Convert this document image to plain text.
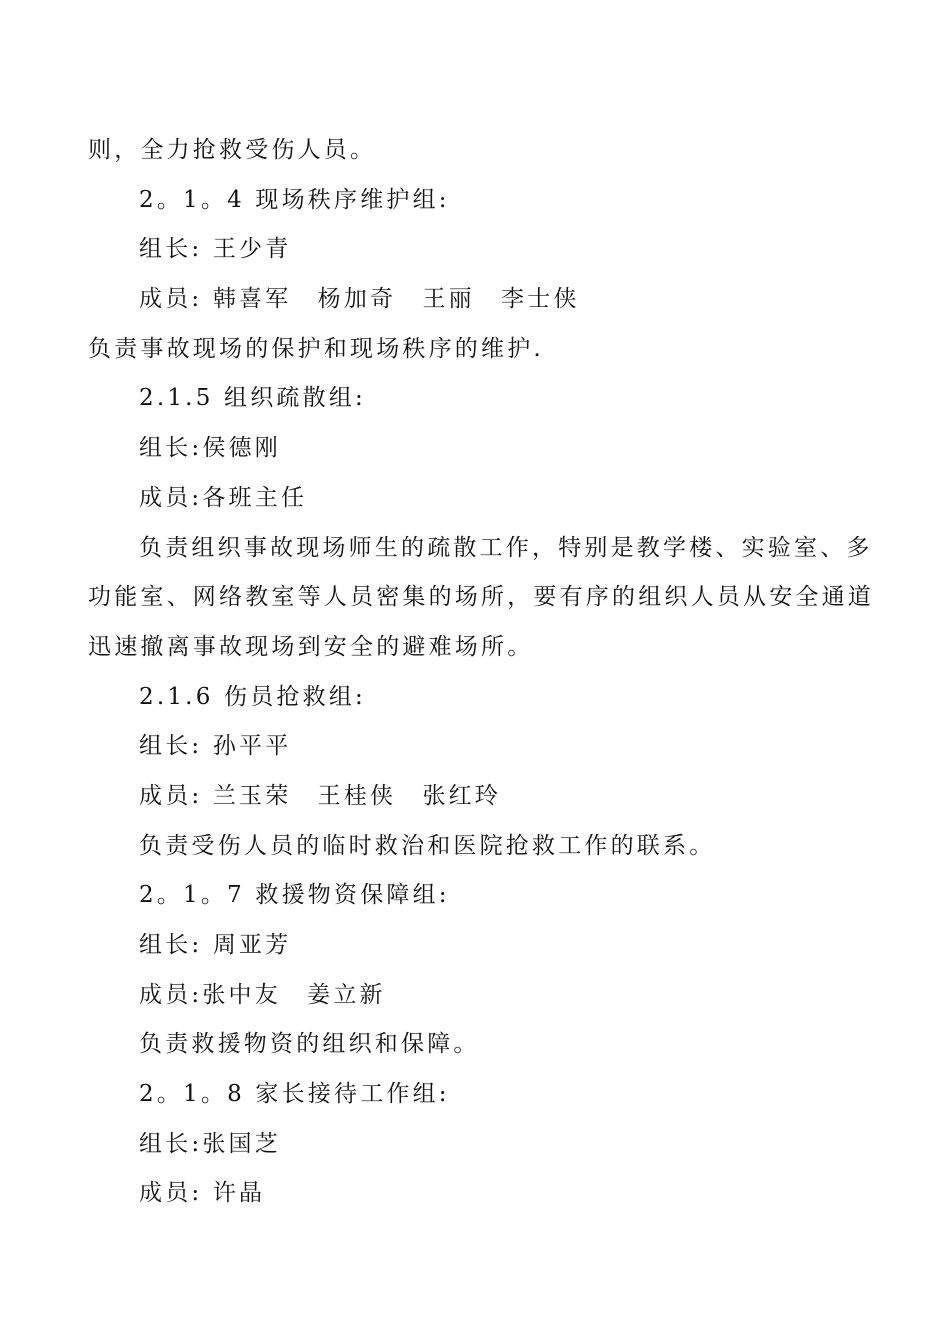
则，全力抢救受伤人员。

2。1。4 现场秩序维护组:

组长: 王少青

成员: 韩喜军　杨加奇　王丽　李士侠

负责事故现场的保护和现场秩序的维护.

2.1.5 组织疏散组:

组长:侯德刚

成员:各班主任

负责组织事故现场师生的疏散工作，特别是教学楼、实验室、多

功能室、网络教室等人员密集的场所，要有序的组织人员从安全通道

迅速撤离事故现场到安全的避难场所。

2.1.6 伤员抢救组:

组长: 孙平平

成员: 兰玉荣　王桂侠　张红玲

负责受伤人员的临时救治和医院抢救工作的联系。

2。1。7 救援物资保障组:

组长: 周亚芳

成员:张中友　姜立新

负责救援物资的组织和保障。

2。1。8 家长接待工作组:

组长:张国芝

成员: 许晶
